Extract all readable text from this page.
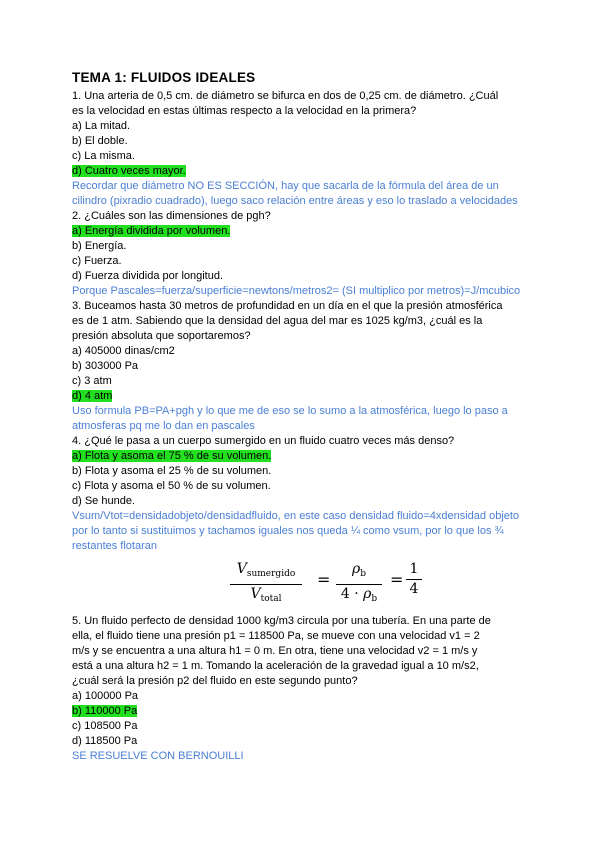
TEMA 1: FLUIDOS IDEALES

1. Una arteria de 0,5 cm. de diámetro se bifurca en dos de 0,25 cm. de diámetro. ¿Cuál

es la velocidad en estas últimas respecto a la velocidad en la primera?

a) La mitad.

b) El doble.

c) La misma.

d) Cuatro veces mayor.

Recordar que diámetro NO ES SECCIÓN, hay que sacarla de la fórmula del área de un

cilindro (pixradio cuadrado), luego saco relación entre áreas y eso lo traslado a velocidades

2. ¿Cuáles son las dimensiones de pgh?

a) Energía dividida por volumen.

b) Energía.

c) Fuerza.

d) Fuerza dividida por longitud.

Porque Pascales=fuerza/superficie=newtons/metros2= (SI multiplico por metros)=J/mcubico

3. Buceamos hasta 30 metros de profundidad en un día en el que la presión atmosférica

es de 1 atm. Sabiendo que la densidad del agua del mar es 1025 kg/m3, ¿cuál es la

presión absoluta que soportaremos?

a) 405000 dinas/cm2

b) 303000 Pa

c) 3 atm

d) 4 atm

Uso formula PB=PA+pgh y lo que me de eso se lo sumo a la atmosférica, luego lo paso a

atmosferas pq me lo dan en pascales

4. ¿Qué le pasa a un cuerpo sumergido en un fluido cuatro veces más denso?

a) Flota y asoma el 75 % de su volumen.

b) Flota y asoma el 25 % de su volumen.

c) Flota y asoma el 50 % de su volumen.

d) Se hunde.

Vsum/Vtot=densidadobjeto/densidadfluido, en este caso densidad fluido=4xdensidad objeto

por lo tanto si sustituimos y tachamos iguales nos queda ¼ como vsum, por lo que los ¾

restantes flotaran

$V_{sumergido}$
$V_{total}$
=
$\rho_b$
$4 \cdot \rho_b$
=
1
4

5. Un fluido perfecto de densidad 1000 kg/m3 circula por una tubería. En una parte de

ella, el fluido tiene una presión p1 = 118500 Pa, se mueve con una velocidad v1 = 2

m/s y se encuentra a una altura h1 = 0 m. En otra, tiene una velocidad v2 = 1 m/s y

está a una altura h2 = 1 m. Tomando la aceleración de la gravedad igual a 10 m/s2,

¿cuál será la presión p2 del fluido en este segundo punto?

a) 100000 Pa

b) 110000 Pa

c) 108500 Pa

d) 118500 Pa

SE RESUELVE CON BERNOUILLI
